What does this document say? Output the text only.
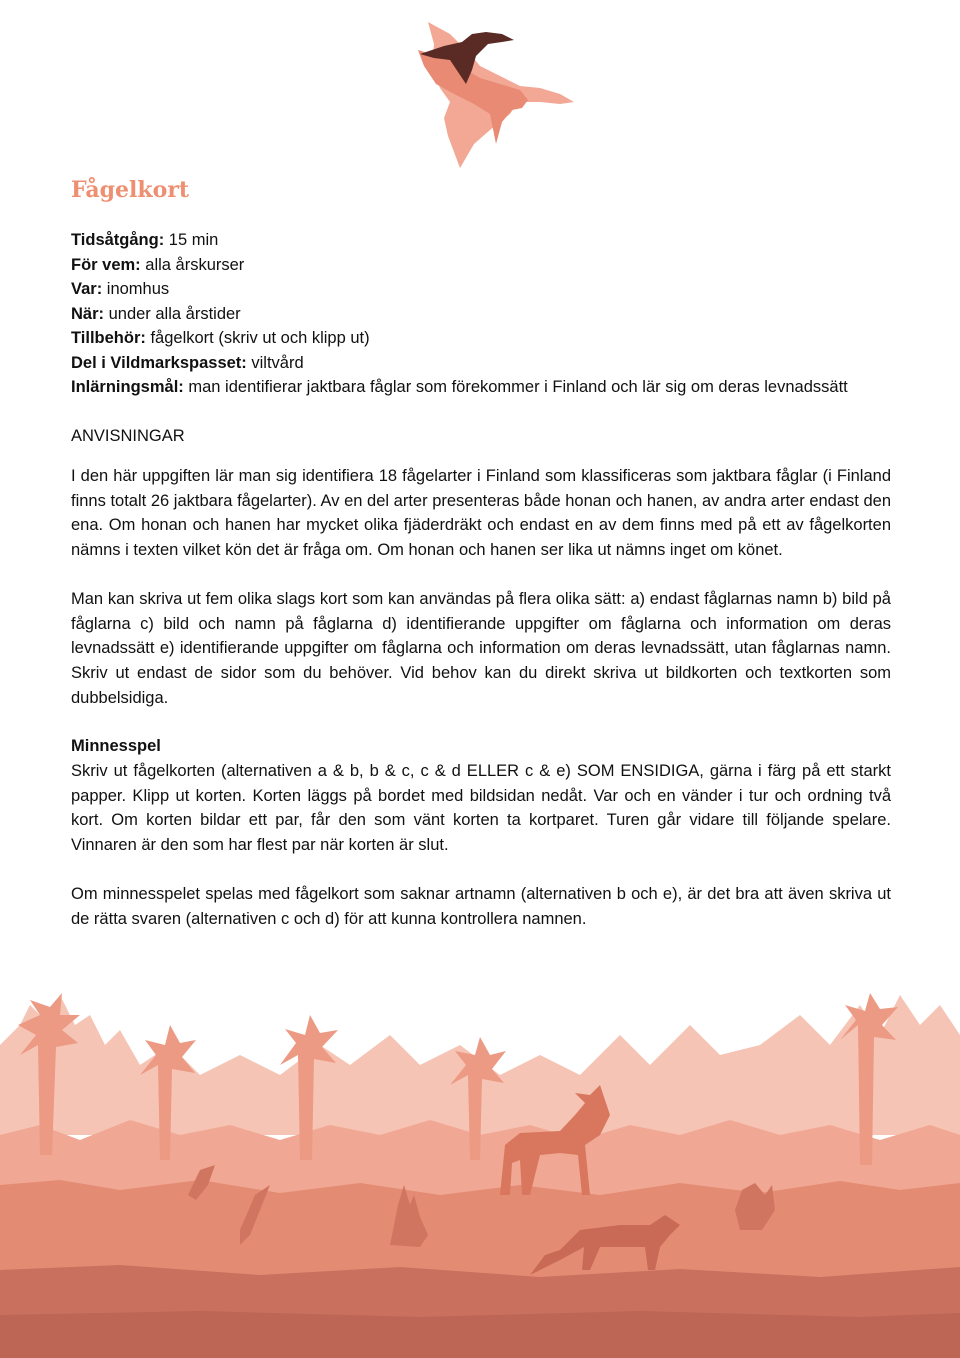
Fågelkort
Tidsåtgång: 15 min
För vem: alla årskurser
Var: inomhus
När: under alla årstider
Tillbehör: fågelkort (skriv ut och klipp ut)
Del i Vildmarkspasset: viltvård
Inlärningsmål: man identifierar jaktbara fåglar som förekommer i Finland och lär sig om deras levnadssätt
ANVISNINGAR

I den här uppgiften lär man sig identifiera 18 fågelarter i Finland som klassificeras som jaktbara fåglar (i Finland finns totalt 26 jaktbara fågelarter). Av en del arter presenteras både honan och hanen, av andra arter endast den ena. Om honan och hanen har mycket olika fjäderdräkt och endast en av dem finns med på ett av fågelkorten nämns i texten vilket kön det är fråga om. Om honan och hanen ser lika ut nämns inget om könet.

Man kan skriva ut fem olika slags kort som kan användas på flera olika sätt: a) endast fåglarnas namn b) bild på fåglarna c) bild och namn på fåglarna d) identifierande uppgifter om fåglarna och information om deras levnadssätt e) identifierande uppgifter om fåglarna och information om deras levnadssätt, utan fåglarnas namn. Skriv ut endast de sidor som du behöver. Vid behov kan du direkt skriva ut bildkorten och textkorten som dubbelsidiga.

Minnesspel

Skriv ut fågelkorten (alternativen a & b, b & c, c & d ELLER c & e) SOM ENSIDIGA, gärna i färg på ett starkt papper. Klipp ut korten. Korten läggs på bordet med bildsidan nedåt. Var och en vänder i tur och ordning två kort. Om korten bildar ett par, får den som vänt korten ta kortparet. Turen går vidare till följande spelare. Vinnaren är den som har flest par när korten är slut.

Om minnesspelet spelas med fågelkort som saknar artnamn (alternativen b och e), är det bra att även skriva ut de rätta svaren (alternativen c och d) för att kunna kontrollera namnen.
